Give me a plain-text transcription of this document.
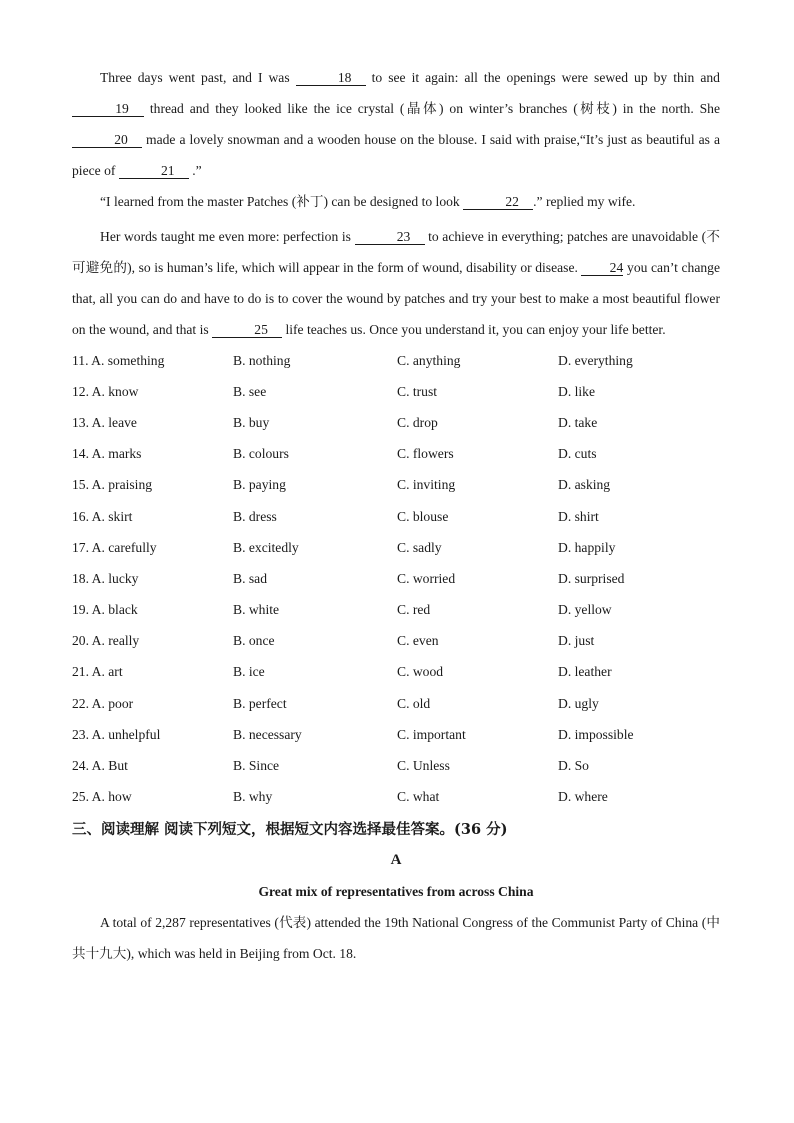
Three days went past, and I was	18 to see it again: all the openings were sewed up by thin and 19 thread and they looked like the ice crystal (晶体) on winter’s branches (树枝) in the north. She 20 made a lovely snowman and a wooden house on the blouse. I said with praise,“It’s just as beautiful as a piece of	21 .”

“I learned from the master Patches (补丁) can be designed to look	22 .” replied my wife.

Her words taught me even more: perfection is	23 to achieve in everything; patches are unavoidable (不可避免的), so is human’s life, which will appear in the form of wound, disability or disease. 24 you can’t change that, all you can do and have to do is to cover the wound by patches and try your best to make a most beautiful flower on the wound, and that is	25 life teaches us. Once you understand it, you can enjoy your life better.

11. A. something	B. nothing	C. anything	D. everything
12. A. know	B. see	C. trust	D. like
13. A. leave	B. buy	C. drop	D. take
14. A. marks	B. colours	C. flowers	D. cuts
15. A. praising	B. paying	C. inviting	D. asking
16. A. skirt	B. dress	C. blouse	D. shirt
17. A. carefully	B. excitedly	C. sadly	D. happily
18. A. lucky	B. sad	C. worried	D. surprised
19. A. black	B. white	C. red	D. yellow
20. A. really	B. once	C. even	D. just
21. A. art	B. ice	C. wood	D. leather
22. A. poor	B. perfect	C. old	D. ugly
23. A. unhelpful	B. necessary	C. important	D. impossible
24. A. But	B. Since	C. Unless	D. So
25. A. how	B. why	C. what	D. where
三、阅读理解 阅读下列短文，根据短文内容选择最佳答案。(36 分)
A
Great mix of representatives from across China

A total of 2,287 representatives (代表) attended the 19th National Congress of the Communist Party of China (中共十九大), which was held in Beijing from Oct. 18.
